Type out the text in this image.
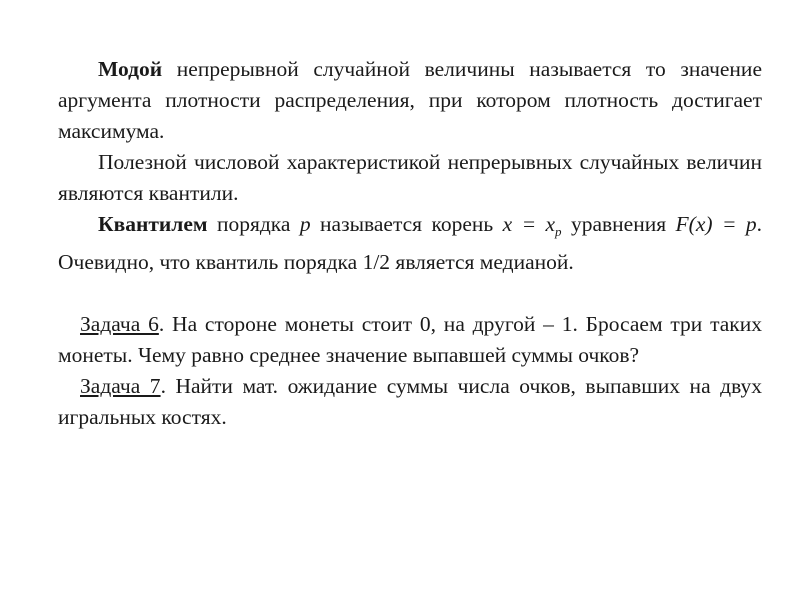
Модой непрерывной случайной величины называется то значение аргумента плотности распределения, при котором плотность достигает максимума.

Полезной числовой характеристикой непрерывных случайных величин являются квантили.

Квантилем порядка p называется корень $x = x_p$ уравнения F(x) = p. Очевидно, что квантиль порядка 1/2 является медианой.

Задача 6. На стороне монеты стоит 0, на другой – 1. Бросаем три таких монеты. Чему равно среднее значение выпавшей суммы очков?

Задача 7. Найти мат. ожидание суммы числа очков, выпавших на двух игральных костях.
